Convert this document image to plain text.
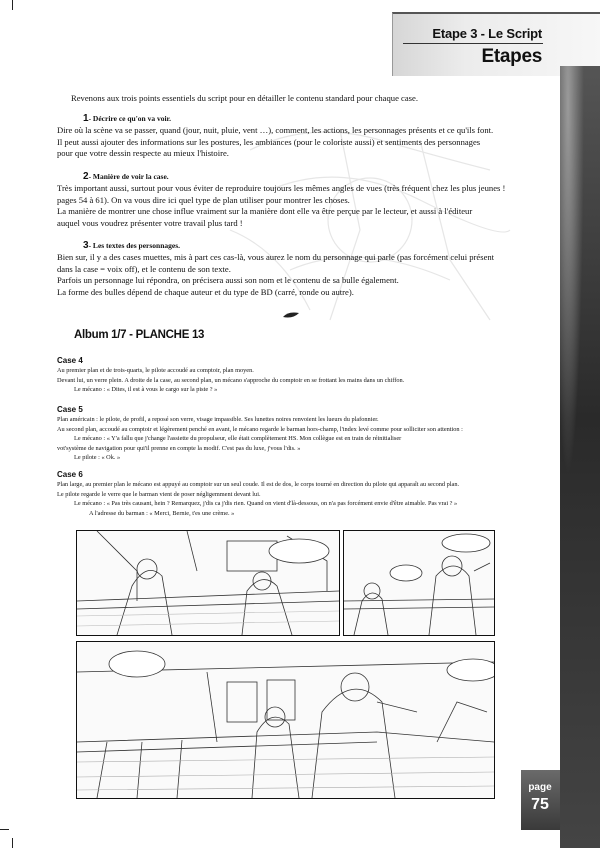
Etape 3 - Le Script
Etapes
page
75
Revenons aux trois points essentiels du script pour en détailler le contenu standard pour chaque case.
1- Décrire ce qu'on va voir.
Dire où la scène va se passer, quand (jour, nuit, pluie, vent …), comment, les actions, les personnages présents et ce qu'ils font.
Il peut aussi ajouter des informations sur les postures, les ambiances (pour le coloriste aussi) et sentiments des personnages
pour que votre dessin respecte au mieux l'histoire.
2- Manière de voir la case.
Très important aussi, surtout pour vous éviter de reproduire toujours les mêmes angles de vues (très fréquent chez les plus jeunes !
pages 54 à 61). On va vous dire ici quel type de plan utiliser pour montrer les choses.
La manière de montrer une chose influe vraiment sur la manière dont elle va être perçue par le lecteur, et aussi à l'éditeur
auquel vous voudrez présenter votre travail plus tard !
3- Les textes des personnages.
Bien sur, il y a des cases muettes, mis à part ces cas-là, vous aurez le nom du personnage qui parle (pas forcément celui présent
dans la case = voix off), et le contenu de son texte.
Parfois un personnage lui répondra, on précisera aussi son nom et le contenu de sa bulle également.
La forme des bulles dépend de chaque auteur et du type de BD (carré, ronde ou autre).
Album 1/7 - PLANCHE 13
Case 4
Au premier plan et de trois-quarts, le pilote accoudé au comptoir, plan moyen.
Devant lui, un verre plein. A droite de la case, au second plan, un mécano s'approche du comptoir en se frottant les mains dans un chiffon.
Le mécano : « Dites, il est à vous le cargo sur la piste ? »
Case 5
Plan américain : le pilote, de profil, a reposé son verre, visage impassible. Ses lunettes noires renvoient les lueurs du plafonnier.
Au second plan, accoudé au comptoir et légèrement penché en avant, le mécano regarde le barman hors-champ, l'index levé comme pour solliciter son attention :
Le mécano : « Y'a fallu que j'change l'assiette du propulseur, elle était complètement HS. Mon collègue est en train de réinitialiser
vot'système de navigation pour qui'il prenne en compte la modif. C'est pas du luxe, j'vous l'dis. »
Le pilote : « Ok. »
Case 6
Plan large, au premier plan le mécano est appuyé au comptoir sur un seul coude. Il est de dos, le corps tourné en direction du pilote qui apparaît au second plan.
Le pilote regarde le verre que le barman vient de poser négligemment devant lui.
Le mécano : « Pas très causant, hein ? Remarquez, j'dis ca j'dis rien. Quand on vient d'là-dessous, on n'a pas forcément envie d'être aimable. Pas vrai ? »
A l'adresse du barman : « Merci, Bernie, t'es une crème. »
